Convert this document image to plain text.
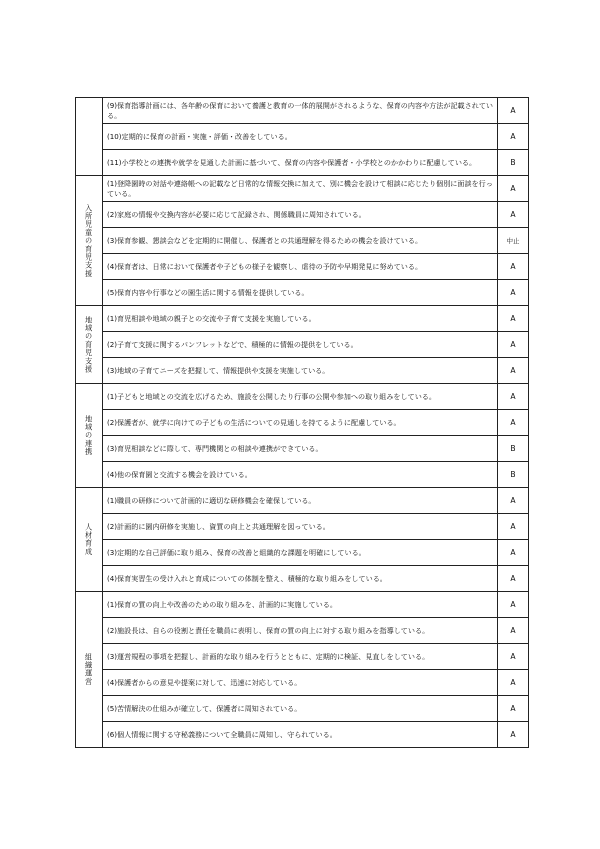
	(9)保育指導計画には、各年齢の保育において養護と教育の一体的展開がされるような、保育の内容や方法が記載されている。	A
	(10)定期的に保育の計画・実施・評価・改善をしている。	A
	(11)小学校との連携や就学を見通した計画に基づいて、保育の内容や保護者・小学校とのかかわりに配慮している。	B

入所児童の育児支援	(1)登降園時の対話や連絡帳への記載など日常的な情報交換に加えて、別に機会を設けて相談に応じたり個別に面談を行っている。	A
	(2)家庭の情報や交換内容が必要に応じて記録され、関係職員に周知されている。	A
	(3)保育参観、懇談会などを定期的に開催し、保護者との共通理解を得るための機会を設けている。	中止
	(4)保育者は、日常において保護者や子どもの様子を観察し、虐待の予防や早期発見に努めている。	A
	(5)保育内容や行事などの園生活に関する情報を提供している。	A

地域の育児支援	(1)育児相談や地域の親子との交流や子育て支援を実施している。	A
	(2)子育て支援に関するパンフレットなどで、積極的に情報の提供をしている。	A
	(3)地域の子育てニーズを把握して、情報提供や支援を実施している。	A

地域の連携	(1)子どもと地域との交流を広げるため、施設を公開したり行事の公開や参加への取り組みをしている。	A
	(2)保護者が、就学に向けての子どもの生活についての見通しを持てるように配慮している。	A
	(3)育児相談などに際して、専門機関との相談や連携ができている。	B
	(4)他の保育園と交流する機会を設けている。	B

人材育成	(1)職員の研修について計画的に適切な研修機会を確保している。	A
	(2)計画的に園内研修を実施し、資質の向上と共通理解を図っている。	A
	(3)定期的な自己評価に取り組み、保育の改善と組織的な課題を明確にしている。	A
	(4)保育実習生の受け入れと育成についての体制を整え、積極的な取り組みをしている。	A

組織運営	(1)保育の質の向上や改善のための取り組みを、計画的に実施している。	A
	(2)施設長は、自らの役割と責任を職員に表明し、保育の質の向上に対する取り組みを指導している。	A
	(3)運営規程の事項を把握し、計画的な取り組みを行うとともに、定期的に検証、見直しをしている。	A
	(4)保護者からの意見や提案に対して、迅速に対応している。	A
	(5)苦情解決の仕組みが確立して、保護者に周知されている。	A
	(6)個人情報に関する守秘義務について全職員に周知し、守られている。	A
